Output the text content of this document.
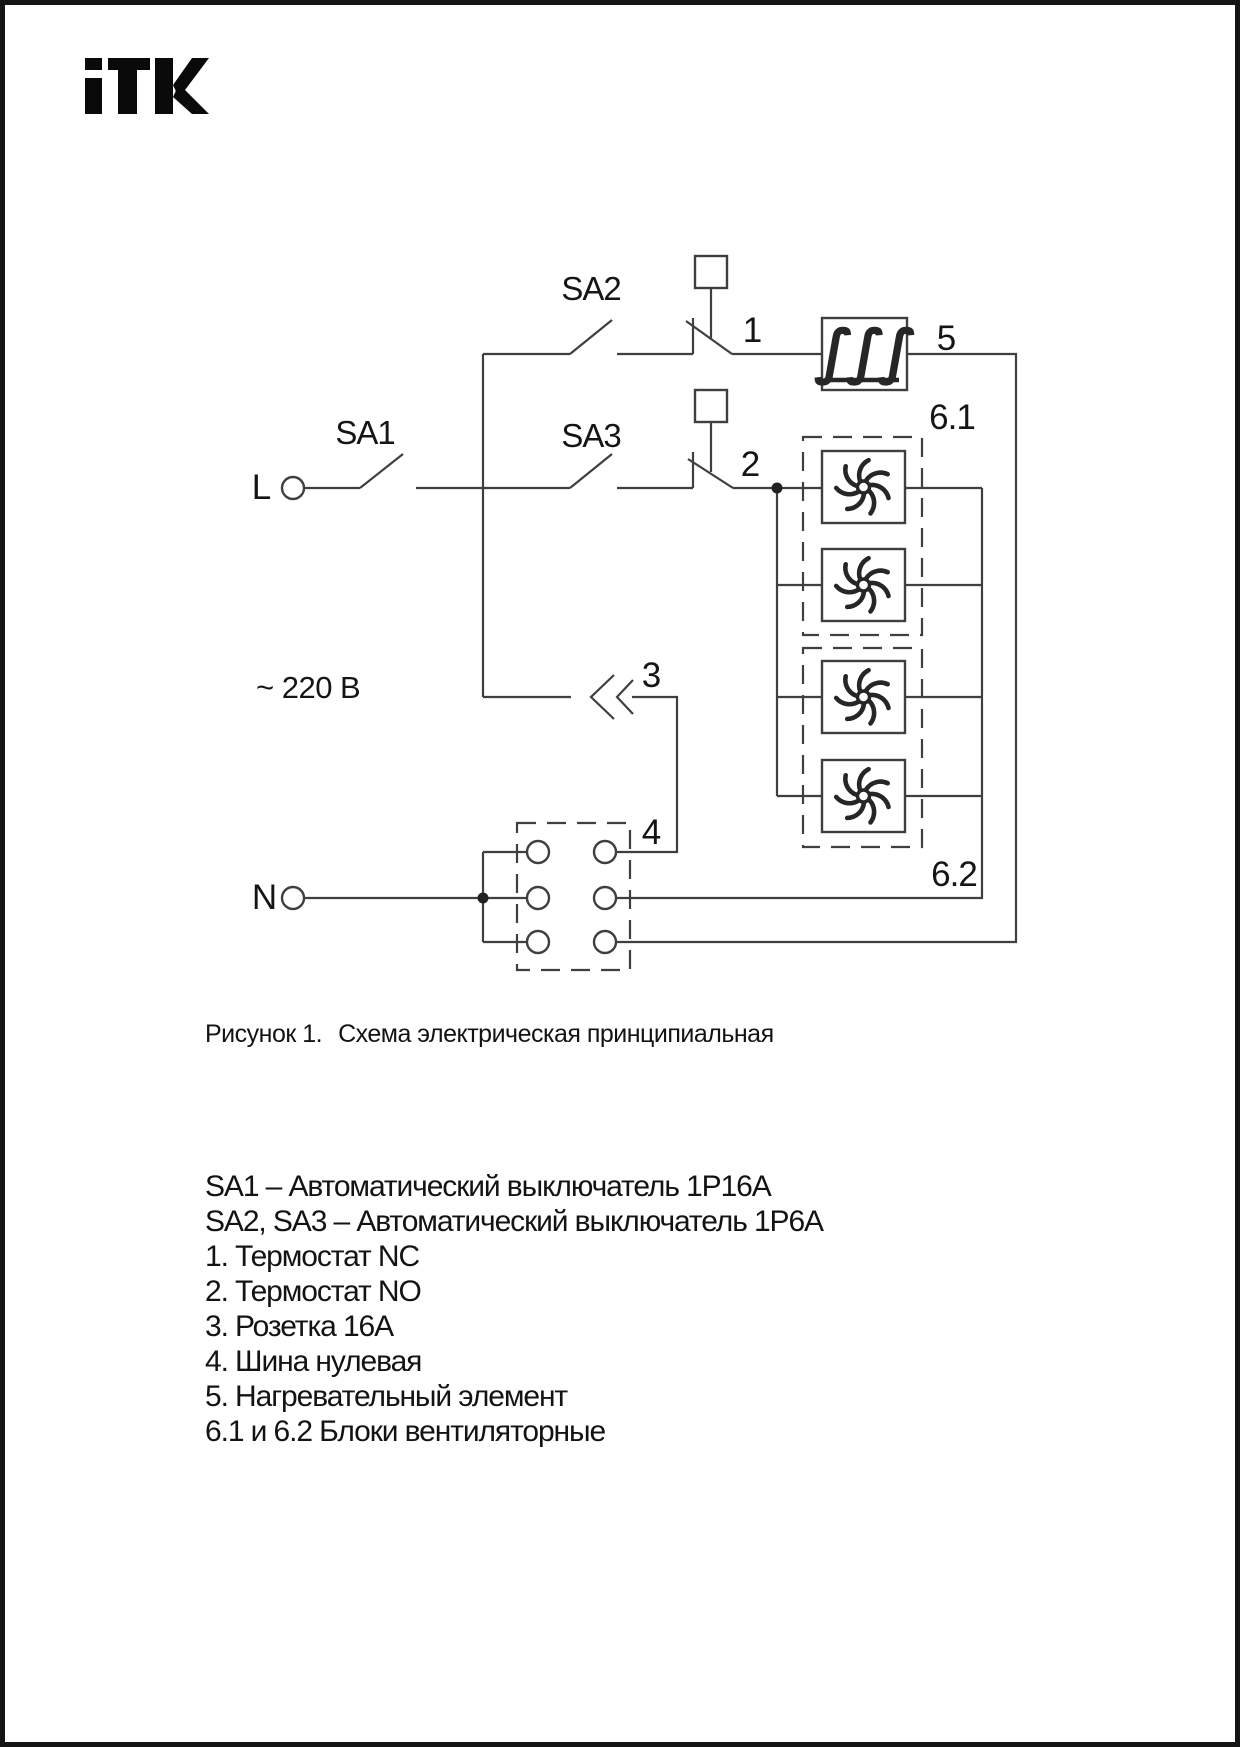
∫∫∫
L
N
~ 220 В
SA1
SA2
SA3
1
2
3
4
5
6.1
6.2
Рисунок 1. Схема электрическая принципиальная
SA1 – Автоматический выключатель 1Р16А
SA2, SA3 – Автоматический выключатель 1Р6А
1. Термостат NC
2. Термостат NO
3. Розетка 16А
4. Шина нулевая
5. Нагревательный элемент
6.1 и 6.2 Блоки вентиляторные
